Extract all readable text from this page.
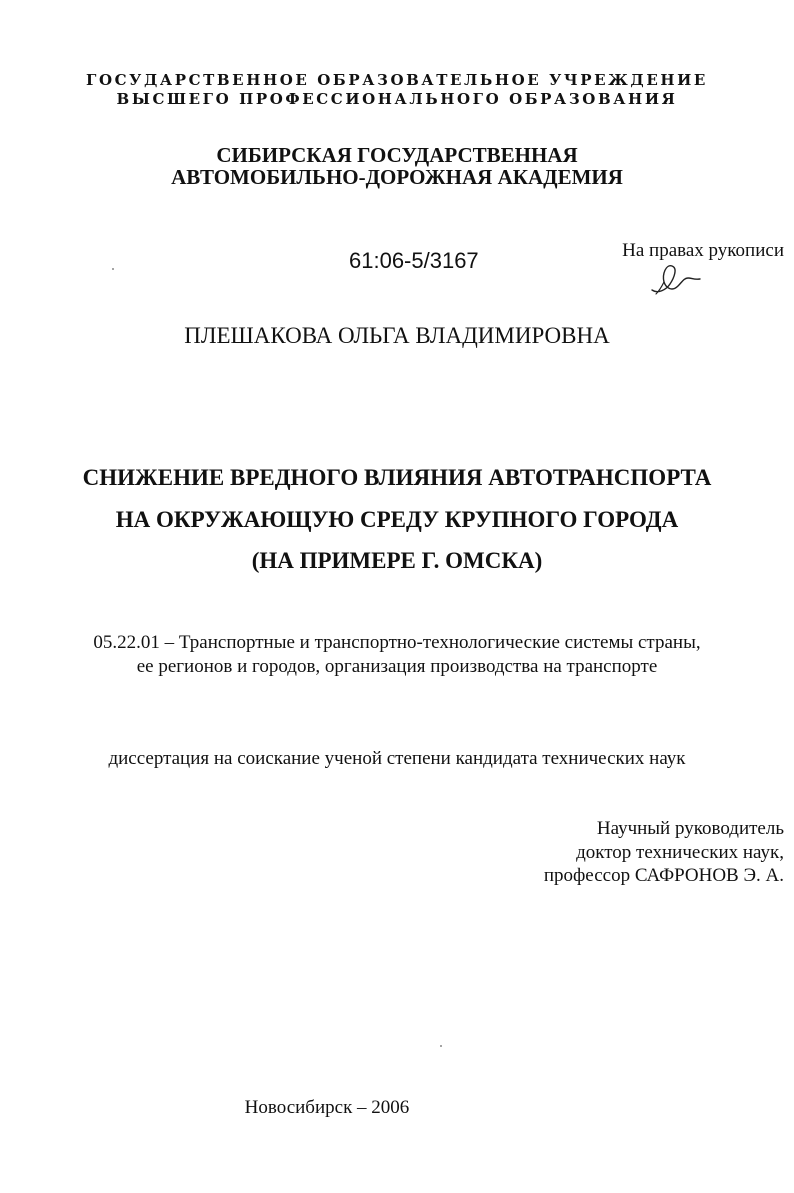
ГОСУДАРСТВЕННОЕ ОБРАЗОВАТЕЛЬНОЕ УЧРЕЖДЕНИЕ
ВЫСШЕГО ПРОФЕССИОНАЛЬНОГО ОБРАЗОВАНИЯ
СИБИРСКАЯ ГОСУДАРСТВЕННАЯ
АВТОМОБИЛЬНО-ДОРОЖНАЯ АКАДЕМИЯ
61:06-5/3167	На правах рукописи
ПЛЕШАКОВА ОЛЬГА ВЛАДИМИРОВНА
СНИЖЕНИЕ ВРЕДНОГО ВЛИЯНИЯ АВТОТРАНСПОРТА
НА ОКРУЖАЮЩУЮ СРЕДУ КРУПНОГО ГОРОДА
(НА ПРИМЕРЕ Г. ОМСКА)
05.22.01 – Транспортные и транспортно-технологические системы страны,
ее регионов и городов, организация производства на транспорте
диссертация на соискание ученой степени кандидата технических наук
Научный руководитель
доктор технических наук,
профессор САФРОНОВ Э. А.
Новосибирск – 2006
